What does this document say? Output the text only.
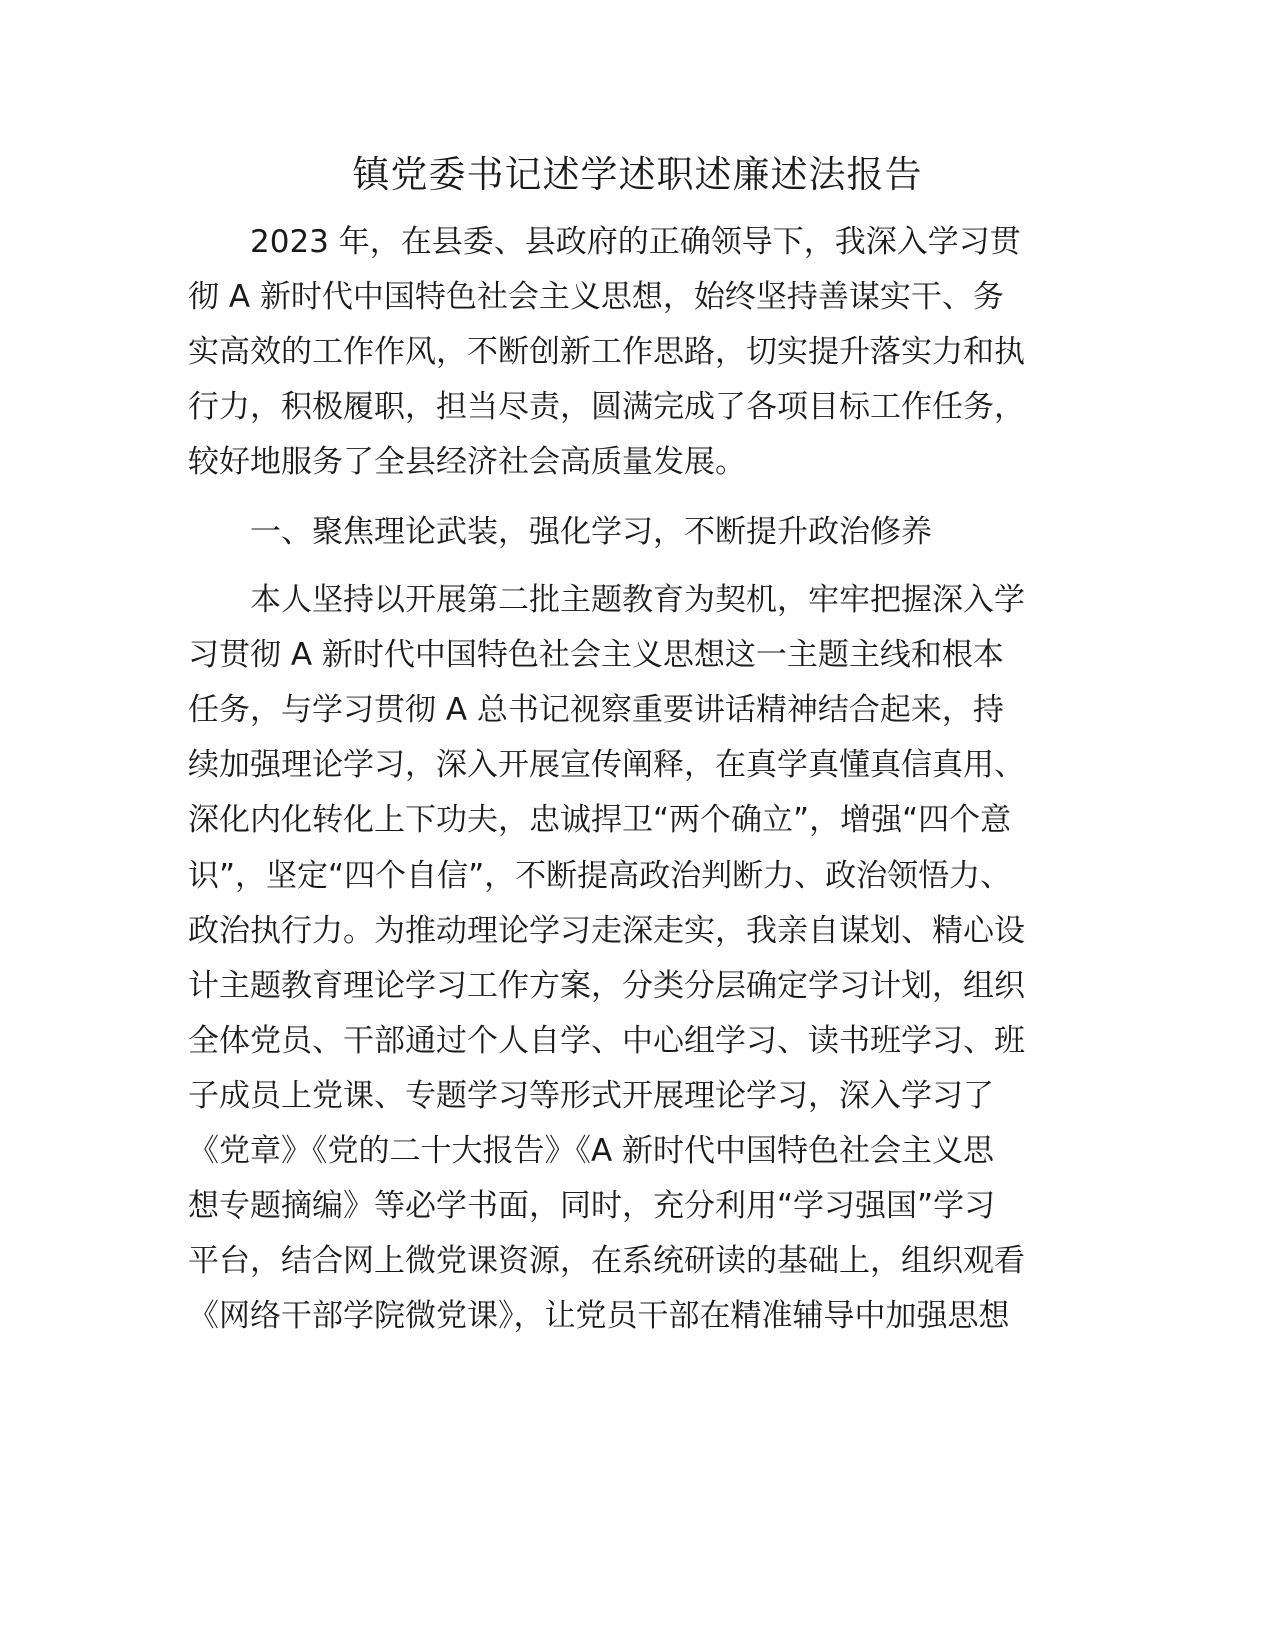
镇党委书记述学述职述廉述法报告

　　2023 年，在县委、县政府的正确领导下，我深入学习贯

彻 A 新时代中国特色社会主义思想，始终坚持善谋实干、务

实高效的工作作风，不断创新工作思路，切实提升落实力和执

行力，积极履职，担当尽责，圆满完成了各项目标工作任务，

较好地服务了全县经济社会高质量发展。

　　一、聚焦理论武装，强化学习，不断提升政治修养

　　本人坚持以开展第二批主题教育为契机，牢牢把握深入学

习贯彻 A 新时代中国特色社会主义思想这一主题主线和根本

任务，与学习贯彻 A 总书记视察重要讲话精神结合起来，持

续加强理论学习，深入开展宣传阐释，在真学真懂真信真用、

深化内化转化上下功夫，忠诚捍卫“两个确立”，增强“四个意

识”，坚定“四个自信”，不断提高政治判断力、政治领悟力、

政治执行力。为推动理论学习走深走实，我亲自谋划、精心设

计主题教育理论学习工作方案，分类分层确定学习计划，组织

全体党员、干部通过个人自学、中心组学习、读书班学习、班

子成员上党课、专题学习等形式开展理论学习，深入学习了

《党章》《党的二十大报告》《A 新时代中国特色社会主义思

想专题摘编》等必学书面，同时，充分利用“学习强国”学习

平台，结合网上微党课资源，在系统研读的基础上，组织观看

《网络干部学院微党课》，让党员干部在精准辅导中加强思想
